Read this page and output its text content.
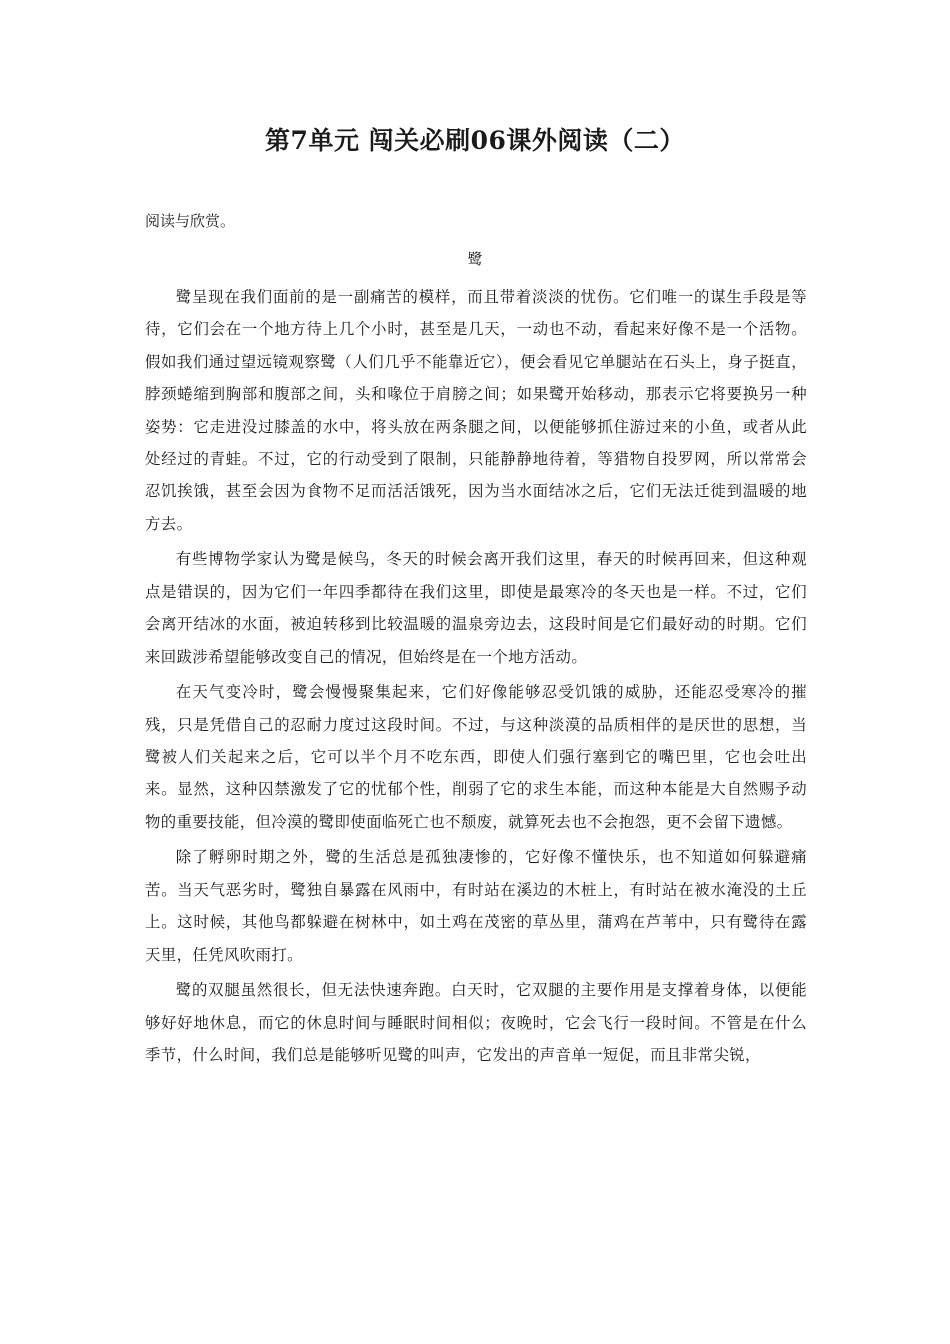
第7单元 闯关必刷06课外阅读（二）
阅读与欣赏。
鹭

鹭呈现在我们面前的是一副痛苦的模样，而且带着淡淡的忧伤。它们唯一的谋生手段是等待，它们会在一个地方待上几个小时，甚至是几天，一动也不动，看起来好像不是一个活物。假如我们通过望远镜观察鹭（人们几乎不能靠近它），便会看见它单腿站在石头上，身子挺直，脖颈蜷缩到胸部和腹部之间，头和喙位于肩膀之间；如果鹭开始移动，那表示它将要换另一种姿势：它走进没过膝盖的水中，将头放在两条腿之间，以便能够抓住游过来的小鱼，或者从此处经过的青蛙。不过，它的行动受到了限制，只能静静地待着，等猎物自投罗网，所以常常会忍饥挨饿，甚至会因为食物不足而活活饿死，因为当水面结冰之后，它们无法迁徙到温暖的地方去。

有些博物学家认为鹭是候鸟，冬天的时候会离开我们这里，春天的时候再回来，但这种观点是错误的，因为它们一年四季都待在我们这里，即使是最寒冷的冬天也是一样。不过，它们会离开结冰的水面，被迫转移到比较温暖的温泉旁边去，这段时间是它们最好动的时期。它们来回跋涉希望能够改变自己的情况，但始终是在一个地方活动。

在天气变冷时，鹭会慢慢聚集起来，它们好像能够忍受饥饿的威胁，还能忍受寒冷的摧残，只是凭借自己的忍耐力度过这段时间。不过，与这种淡漠的品质相伴的是厌世的思想，当鹭被人们关起来之后，它可以半个月不吃东西，即使人们强行塞到它的嘴巴里，它也会吐出来。显然，这种囚禁激发了它的忧郁个性，削弱了它的求生本能，而这种本能是大自然赐予动物的重要技能，但冷漠的鹭即使面临死亡也不颓废，就算死去也不会抱怨，更不会留下遗憾。

除了孵卵时期之外，鹭的生活总是孤独凄惨的，它好像不懂快乐，也不知道如何躲避痛苦。当天气恶劣时，鹭独自暴露在风雨中，有时站在溪边的木桩上，有时站在被水淹没的土丘上。这时候，其他鸟都躲避在树林中，如土鸡在茂密的草丛里，蒲鸡在芦苇中，只有鹭待在露天里，任凭风吹雨打。

鹭的双腿虽然很长，但无法快速奔跑。白天时，它双腿的主要作用是支撑着身体，以便能够好好地休息，而它的休息时间与睡眠时间相似；夜晚时，它会飞行一段时间。不管是在什么季节，什么时间，我们总是能够听见鹭的叫声，它发出的声音单一短促，而且非常尖锐，
